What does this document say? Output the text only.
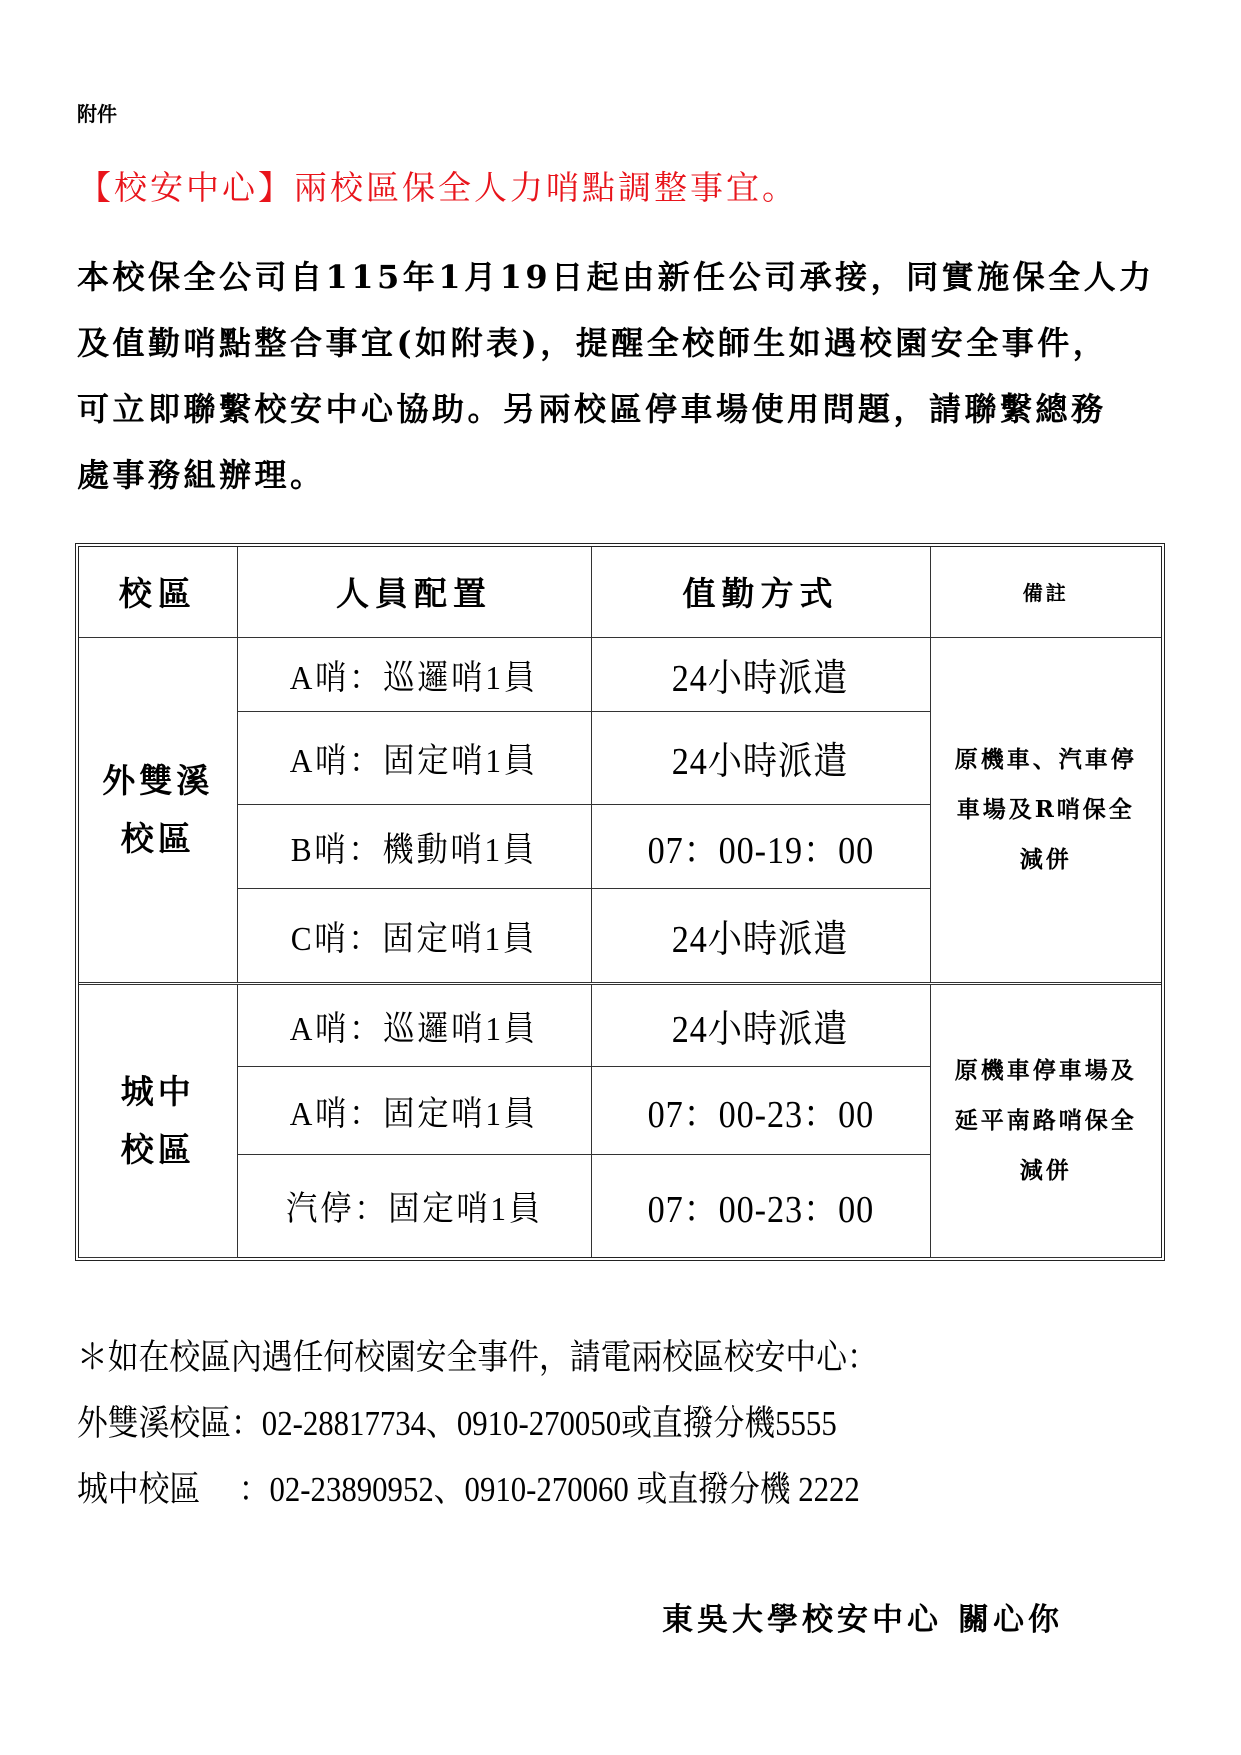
附件
【校安中心】兩校區保全人力哨點調整事宜。
本校保全公司自115年1月19日起由新任公司承接，同實施保全人力
及值勤哨點整合事宜(如附表)，提醒全校師生如遇校園安全事件，
可立即聯繫校安中心協助。另兩校區停車場使用問題，請聯繫總務
處事務組辦理。
校區	人員配置	值勤方式	備註

外雙溪
校區
	A哨：巡邏哨1員	24小時派遣	
原機車、汽車停
車場及R哨保全
減併

	A哨：固定哨1員	24小時派遣	
	B哨：機動哨1員	07：00-19：00	
	C哨：固定哨1員	24小時派遣	

城中
校區
	A哨：巡邏哨1員	24小時派遣	
原機車停車場及
延平南路哨保全
減併

	A哨：固定哨1員	07：00-23：00	
	汽停：固定哨1員	07：00-23：00	
＊如在校區內遇任何校園安全事件，請電兩校區校安中心：
外雙溪校區：02-28817734、0910-270050或直撥分機5555
城中校區　 ：02-23890952、0910-270060 或直撥分機 2222
東吳大學校安中心 關心你
